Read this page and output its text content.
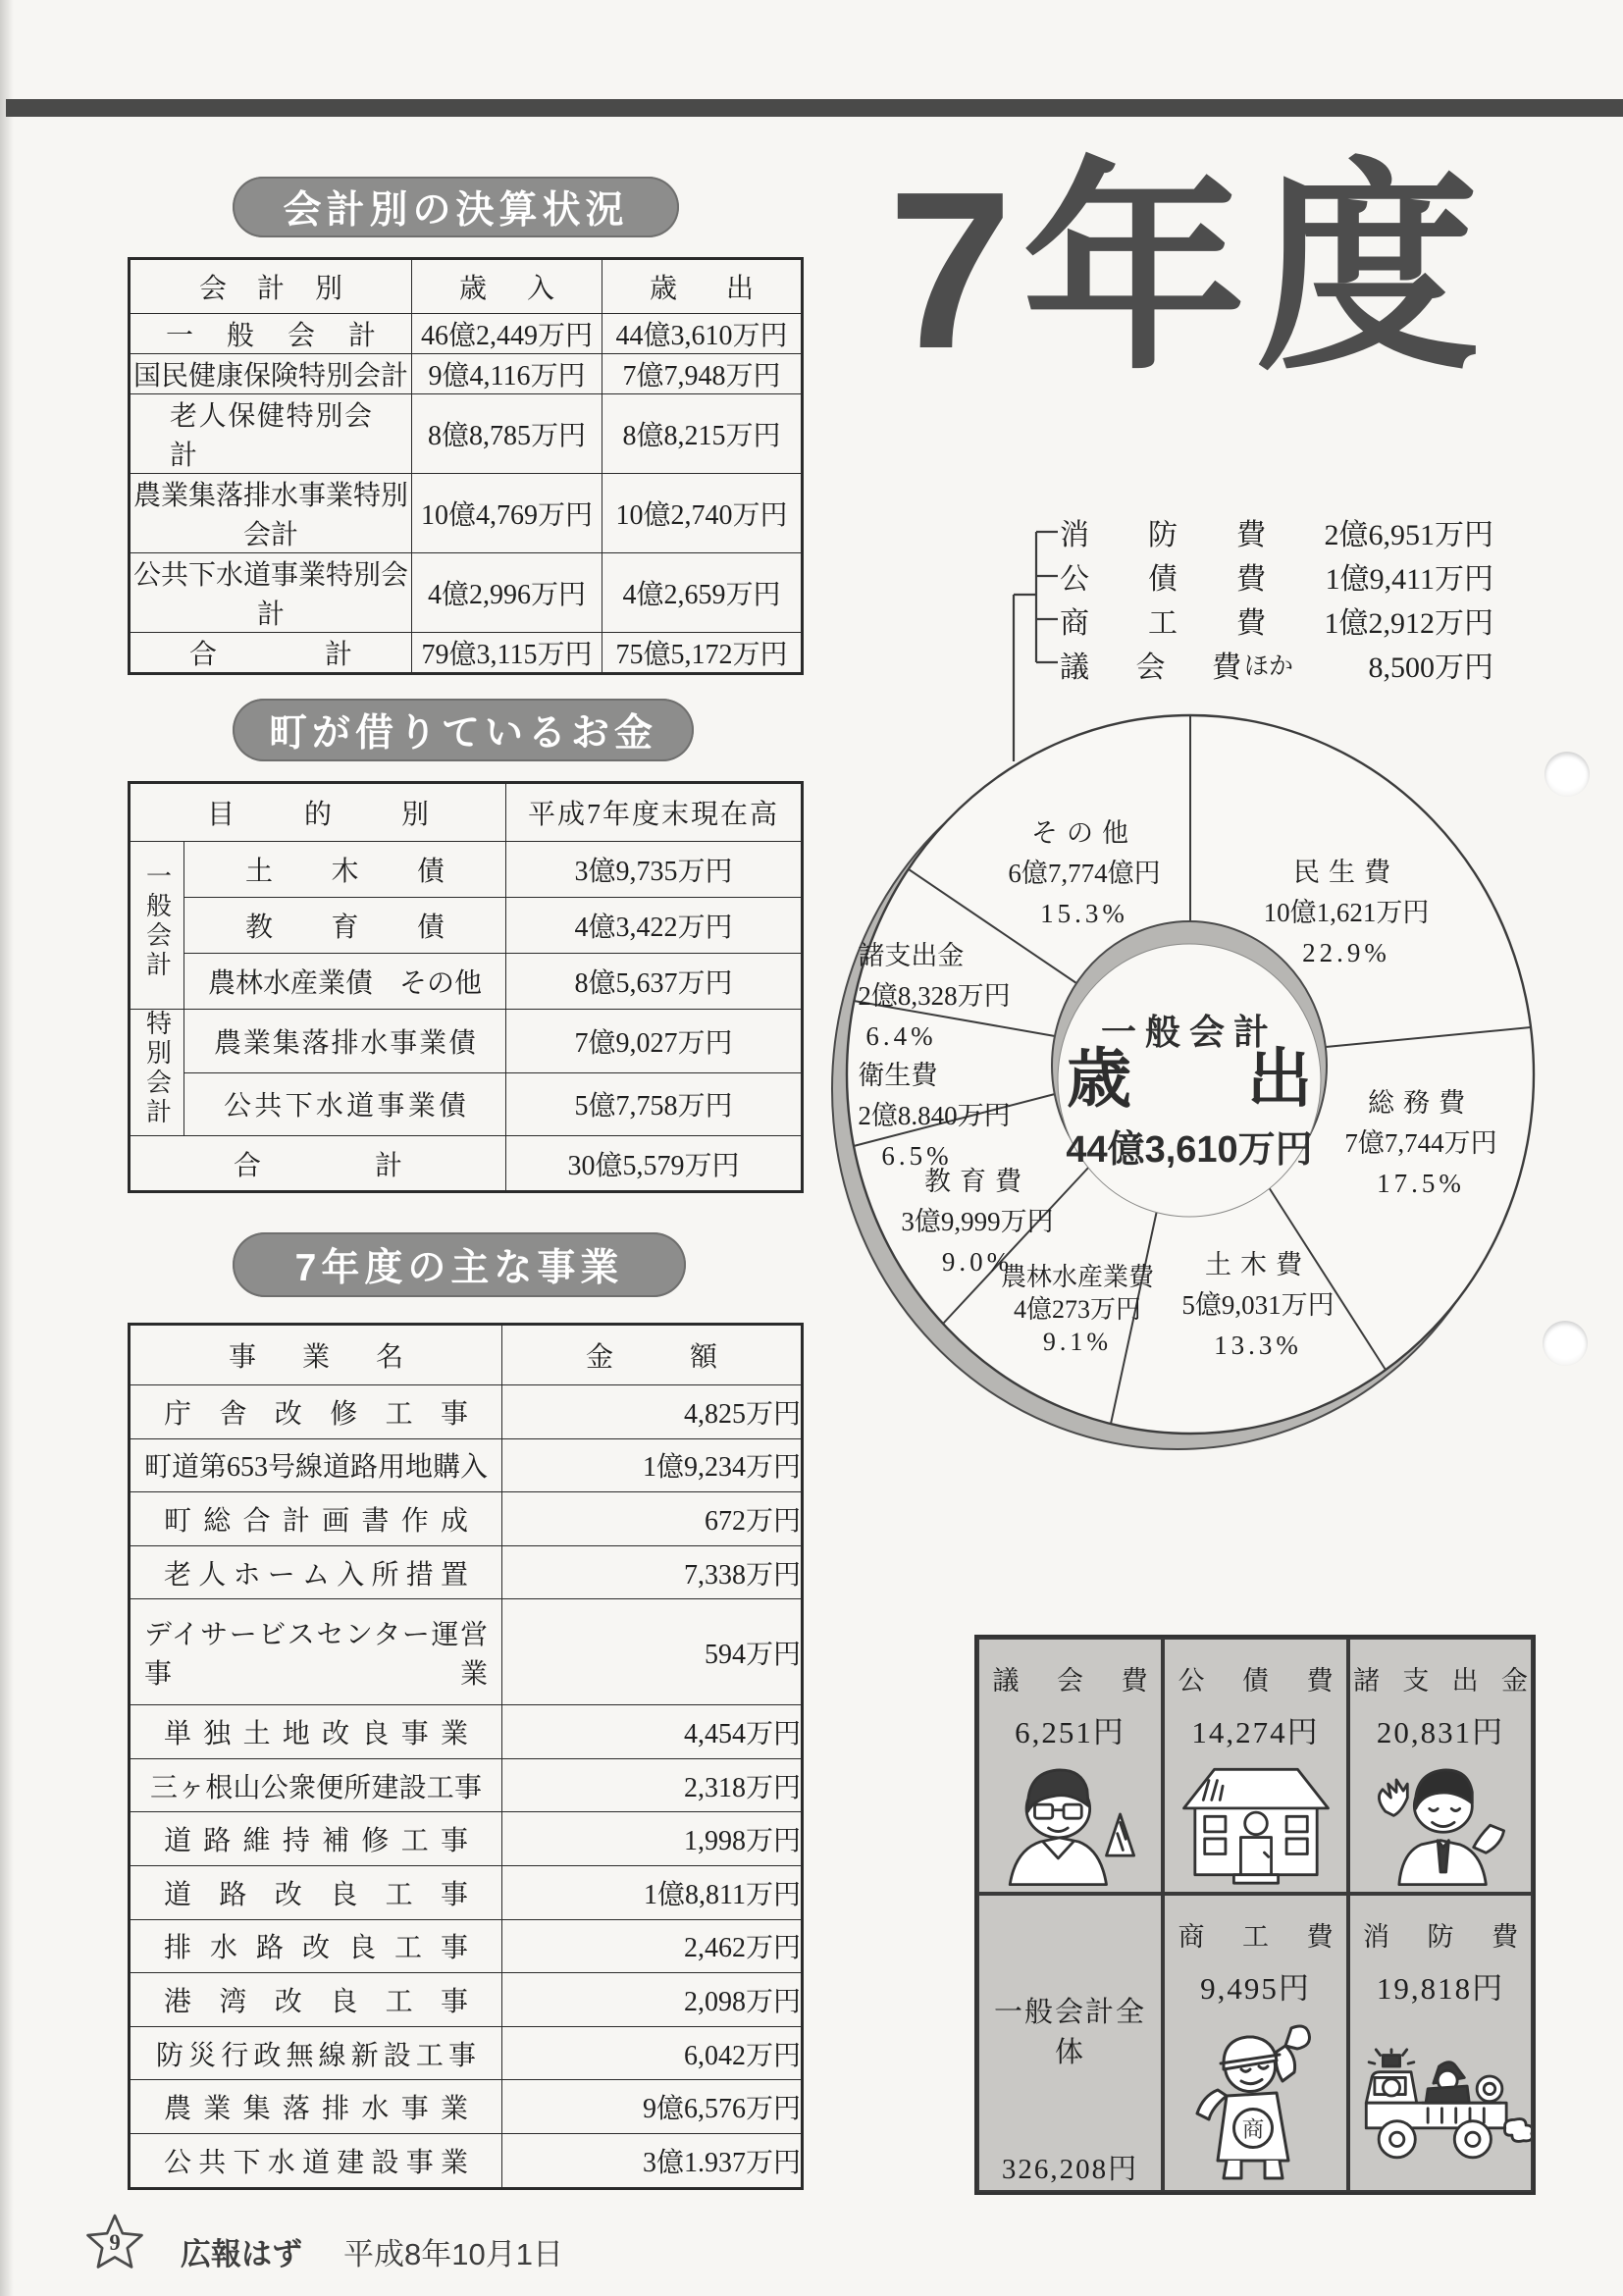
会計別の決算状況
会計別	歳入	歳出
一般会計	46億2,449万円	44億3,610万円
国民健康保険特別会計	9億4,116万円	7億7,948万円
老人保健特別会計	8億8,785万円	8億8,215万円
農業集落排水事業特別会計	10億4,769万円	10億2,740万円
公共下水道事業特別会計	4億2,996万円	4億2,659万円
合計	79億3,115万円	75億5,172万円
町が借りているお金
目的別		平成7年度末現在高
一般会計	土木債	3億9,735万円
	教育債	4億3,422万円

	農林水産業債 その他	8億5,637万円
特別会計	農業集落排水事業債	7億9,027万円
	公共下水道事業債	5億7,758万円
合計		30億5,579万円
7年度の主な事業
事業名	金額
庁舎改修工事	4,825万円
町道第653号線道路用地購入	1億9,234万円
町総合計画書作成	672万円
老人ホーム入所措置	7,338万円
デイサービスセンター運営事業	594万円
単独土地改良事業	4,454万円
三ヶ根山公衆便所建設工事	2,318万円
道路維持補修工事	1,998万円
道路改良工事	1億8,811万円
排水路改良工事	2,462万円
港湾改良工事	2,098万円
防災行政無線新設工事	6,042万円
農業集落排水事業	9億6,576万円
公共下水道建設事業	3億1.937万円
7年度
消防費	2億6,951万円
公債費	1億9,411万円
商工費	1億2,912万円
議会費 ほか	8,500万円
一般会計
歳出
44億3,610万円
その他
6億7,774億円
15.3%
民生費
10億1,621万円
22.9%
総務費
7億7,744万円
17.5%
土木費
5億9,031万円
13.3%
農林水産業費
4億273万円
9.1%
教育費
3億9,999万円
9.0%
衛生費
2億8.840万円
6.5%
諸支出金
2億8,328万円
6.4%
議会費
6,251円
公債費
14,274円
諸支出金
20,831円
一般会計全体
326,208円
商工費
9,495円
商
消防費
19,818円
9 広報はず 平成8年10月1日
